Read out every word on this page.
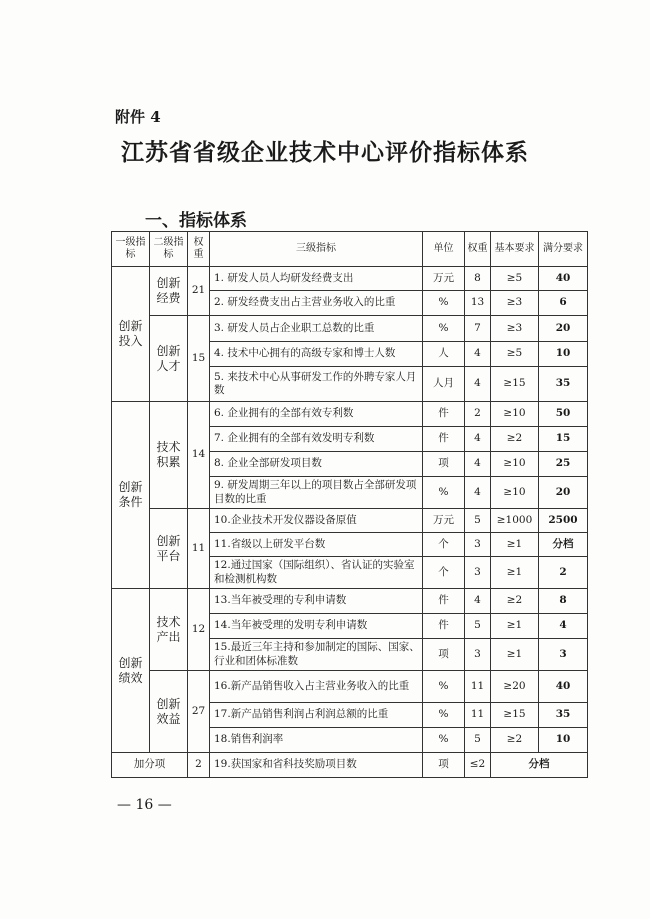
附件 4
江苏省省级企业技术中心评价指标体系
一、指标体系
一级指标	二级指标	权重	三级指标	单位	权重	基本要求	满分要求
创新投入	创新经费	21	1. 研发人员人均研发经费支出	万元	8	≥5	40
			2. 研发经费支出占主营业务收入的比重	%	13	≥3	6
	创新人才	15	3. 研发人员占企业职工总数的比重	%	7	≥3	20
			4. 技术中心拥有的高级专家和博士人数	人	4	≥5	10
			5. 来技术中心从事研发工作的外聘专家人月数	人月	4	≥15	35
创新条件	技术积累	14	6. 企业拥有的全部有效专利数	件	2	≥10	50
			7. 企业拥有的全部有效发明专利数	件	4	≥2	15
			8. 企业全部研发项目数	项	4	≥10	25
			9. 研发周期三年以上的项目数占全部研发项目数的比重	%	4	≥10	20
	创新平台	11	10.企业技术开发仪器设备原值	万元	5	≥1000	2500
			11.省级以上研发平台数	个	3	≥1	分档
			12.通过国家（国际组织）、省认证的实验室和检测机构数	个	3	≥1	2
创新绩效	技术产出	12	13.当年被受理的专利申请数	件	4	≥2	8
			14.当年被受理的发明专利申请数	件	5	≥1	4
			15.最近三年主持和参加制定的国际、国家、行业和团体标准数	项	3	≥1	3
	创新效益	27	16.新产品销售收入占主营业务收入的比重	%	11	≥20	40
			17.新产品销售利润占利润总额的比重	%	11	≥15	35
			18.销售利润率	%	5	≥2	10
加分项		2	19.获国家和省科技奖励项目数	项	≤2	分档	
— 16 —
